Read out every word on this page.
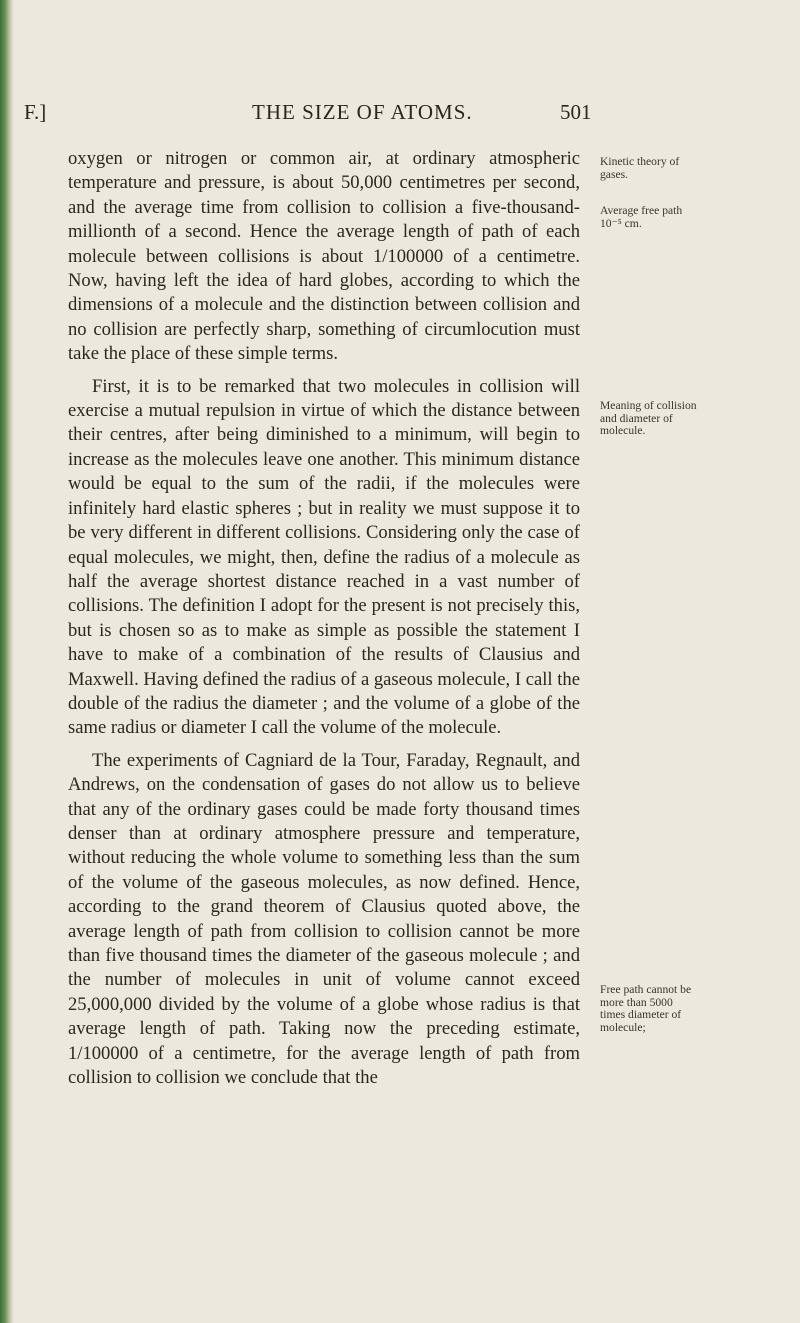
F.]	THE SIZE OF ATOMS.	501

oxygen or nitrogen or common air, at ordinary atmospheric temperature and pressure, is about 50,000 centimetres per second, and the average time from collision to collision a five-thousand-millionth of a second. Hence the average length of path of each molecule between collisions is about 1/100000 of a centimetre. Now, having left the idea of hard globes, according to which the dimensions of a molecule and the distinction between collision and no collision are perfectly sharp, something of circumlocution must take the place of these simple terms.

First, it is to be remarked that two molecules in collision will exercise a mutual repulsion in virtue of which the distance between their centres, after being diminished to a minimum, will begin to increase as the molecules leave one another. This minimum distance would be equal to the sum of the radii, if the molecules were infinitely hard elastic spheres ; but in reality we must suppose it to be very different in different collisions. Considering only the case of equal molecules, we might, then, define the radius of a molecule as half the average shortest distance reached in a vast number of collisions. The definition I adopt for the present is not precisely this, but is chosen so as to make as simple as possible the statement I have to make of a combination of the results of Clausius and Maxwell. Having defined the radius of a gaseous molecule, I call the double of the radius the diameter ; and the volume of a globe of the same radius or diameter I call the volume of the molecule.

The experiments of Cagniard de la Tour, Faraday, Regnault, and Andrews, on the condensation of gases do not allow us to believe that any of the ordinary gases could be made forty thousand times denser than at ordinary atmosphere pressure and temperature, without reducing the whole volume to something less than the sum of the volume of the gaseous molecules, as now defined. Hence, according to the grand theorem of Clausius quoted above, the average length of path from collision to collision cannot be more than five thousand times the diameter of the gaseous molecule ; and the number of molecules in unit of volume cannot exceed 25,000,000 divided by the volume of a globe whose radius is that average length of path. Taking now the preceding estimate, 1/100000 of a centimetre, for the average length of path from collision to collision we conclude that the

Kinetic theory of gases.
Average free path 10⁻⁵ cm.
Meaning of collision and diameter of molecule.
Free path cannot be more than 5000 times diameter of molecule;
